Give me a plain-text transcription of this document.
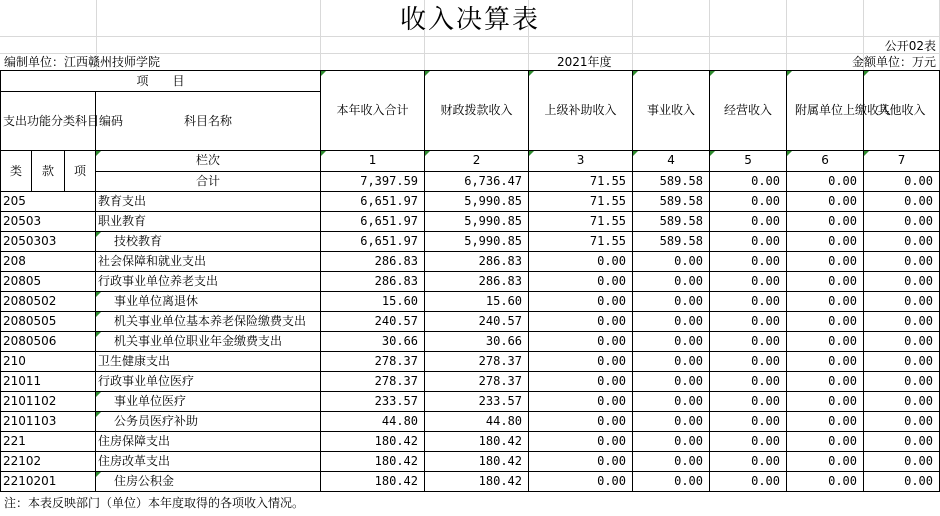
收入决算表
公开02表
编制单位：江西赣州技师学院	2021年度	金额单位：万元
项　　目				本年收入合计	财政拨款收入	上级补助收入	事业收入	经营收入	附属单位上缴收入	其他收入
支出功能分类科目编码			科目名称							

类	款	项	栏次	1	2	3	4	5	6	7
			合计	7,397.59	6,736.47	71.55	589.58	0.00	0.00	0.00
205			教育支出	6,651.97	5,990.85	71.55	589.58	0.00	0.00	0.00
20503			职业教育	6,651.97	5,990.85	71.55	589.58	0.00	0.00	0.00
2050303			技校教育	6,651.97	5,990.85	71.55	589.58	0.00	0.00	0.00
208			社会保障和就业支出	286.83	286.83	0.00	0.00	0.00	0.00	0.00
20805			行政事业单位养老支出	286.83	286.83	0.00	0.00	0.00	0.00	0.00
2080502			事业单位离退休	15.60	15.60	0.00	0.00	0.00	0.00	0.00
2080505			机关事业单位基本养老保险缴费支出	240.57	240.57	0.00	0.00	0.00	0.00	0.00
2080506			机关事业单位职业年金缴费支出	30.66	30.66	0.00	0.00	0.00	0.00	0.00
210			卫生健康支出	278.37	278.37	0.00	0.00	0.00	0.00	0.00
21011			行政事业单位医疗	278.37	278.37	0.00	0.00	0.00	0.00	0.00
2101102			事业单位医疗	233.57	233.57	0.00	0.00	0.00	0.00	0.00
2101103			公务员医疗补助	44.80	44.80	0.00	0.00	0.00	0.00	0.00
221			住房保障支出	180.42	180.42	0.00	0.00	0.00	0.00	0.00
22102			住房改革支出	180.42	180.42	0.00	0.00	0.00	0.00	0.00
2210201			住房公积金	180.42	180.42	0.00	0.00	0.00	0.00	0.00
注：本表反映部门（单位）本年度取得的各项收入情况。
